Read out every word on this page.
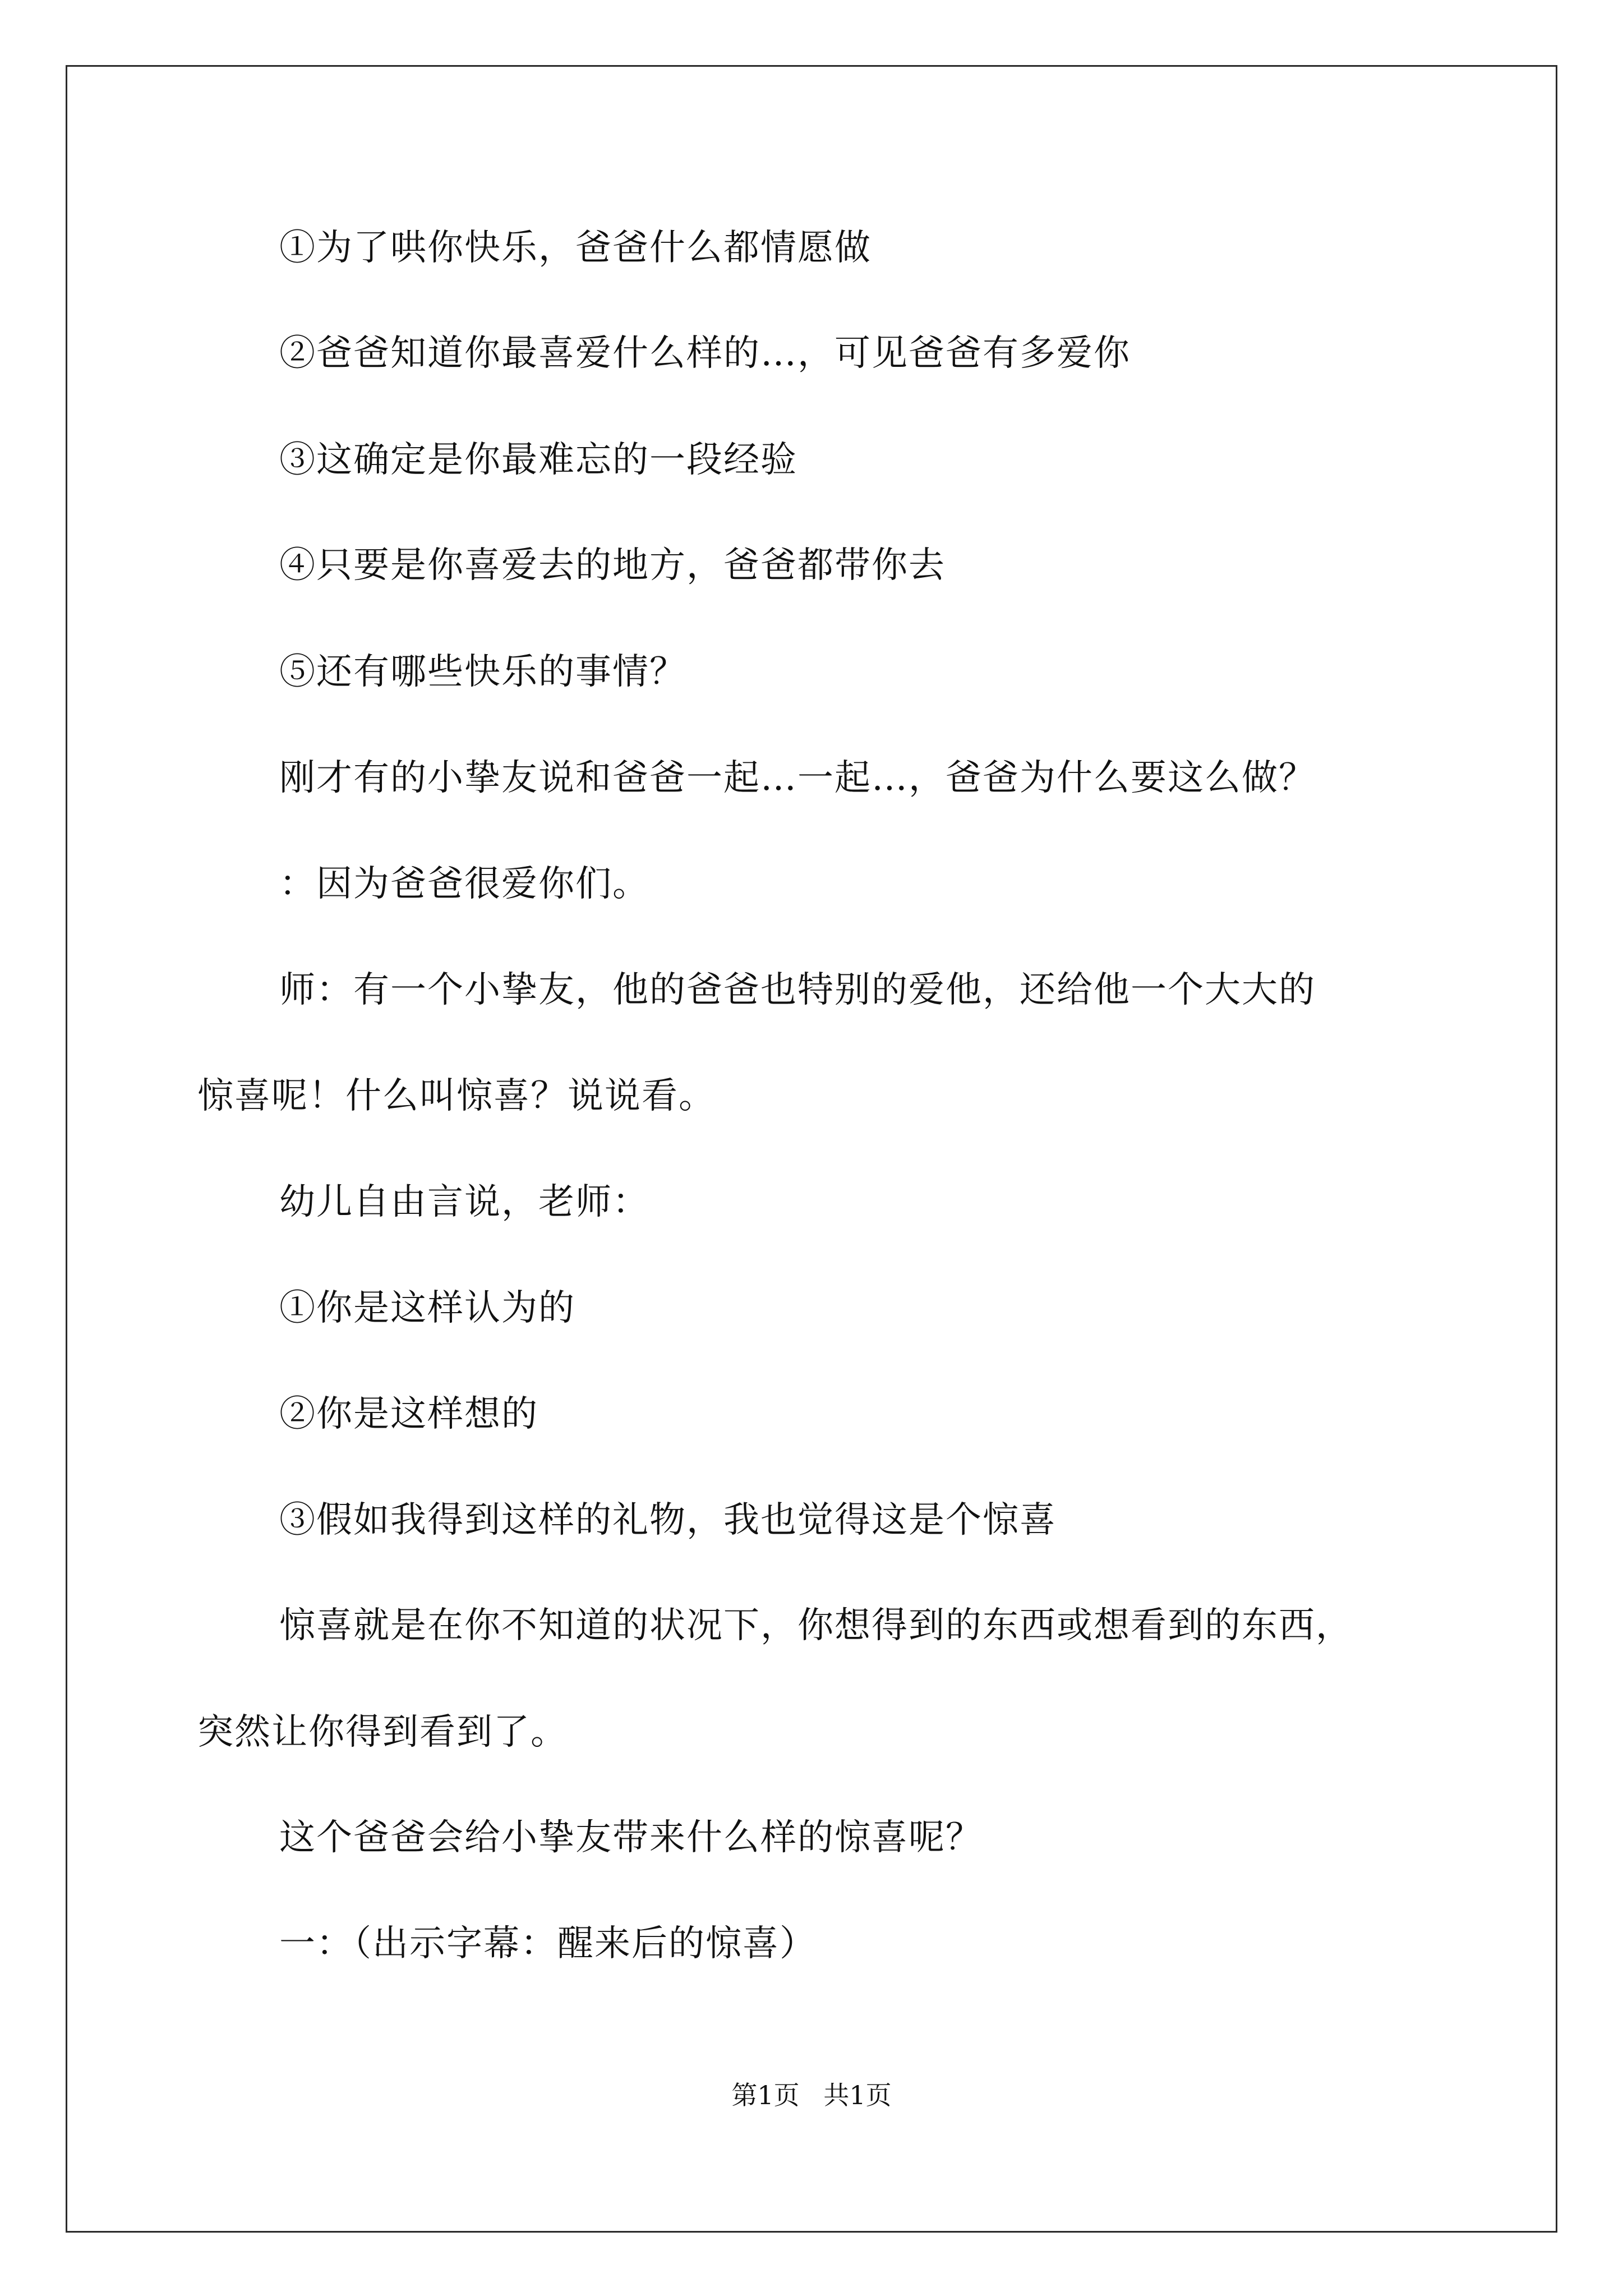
①为了哄你快乐，爸爸什么都情愿做
②爸爸知道你最喜爱什么样的…，可见爸爸有多爱你
③这确定是你最难忘的一段经验
④只要是你喜爱去的地方，爸爸都带你去
⑤还有哪些快乐的事情？
刚才有的小挚友说和爸爸一起…一起…，爸爸为什么要这么做？
：因为爸爸很爱你们。
师：有一个小挚友，他的爸爸也特别的爱他，还给他一个大大的
惊喜呢！什么叫惊喜？说说看。
幼儿自由言说，老师：
①你是这样认为的
②你是这样想的
③假如我得到这样的礼物，我也觉得这是个惊喜
惊喜就是在你不知道的状况下，你想得到的东西或想看到的东西，
突然让你得到看到了。
这个爸爸会给小挚友带来什么样的惊喜呢？
一：（出示字幕：醒来后的惊喜）
第1页 共1页
